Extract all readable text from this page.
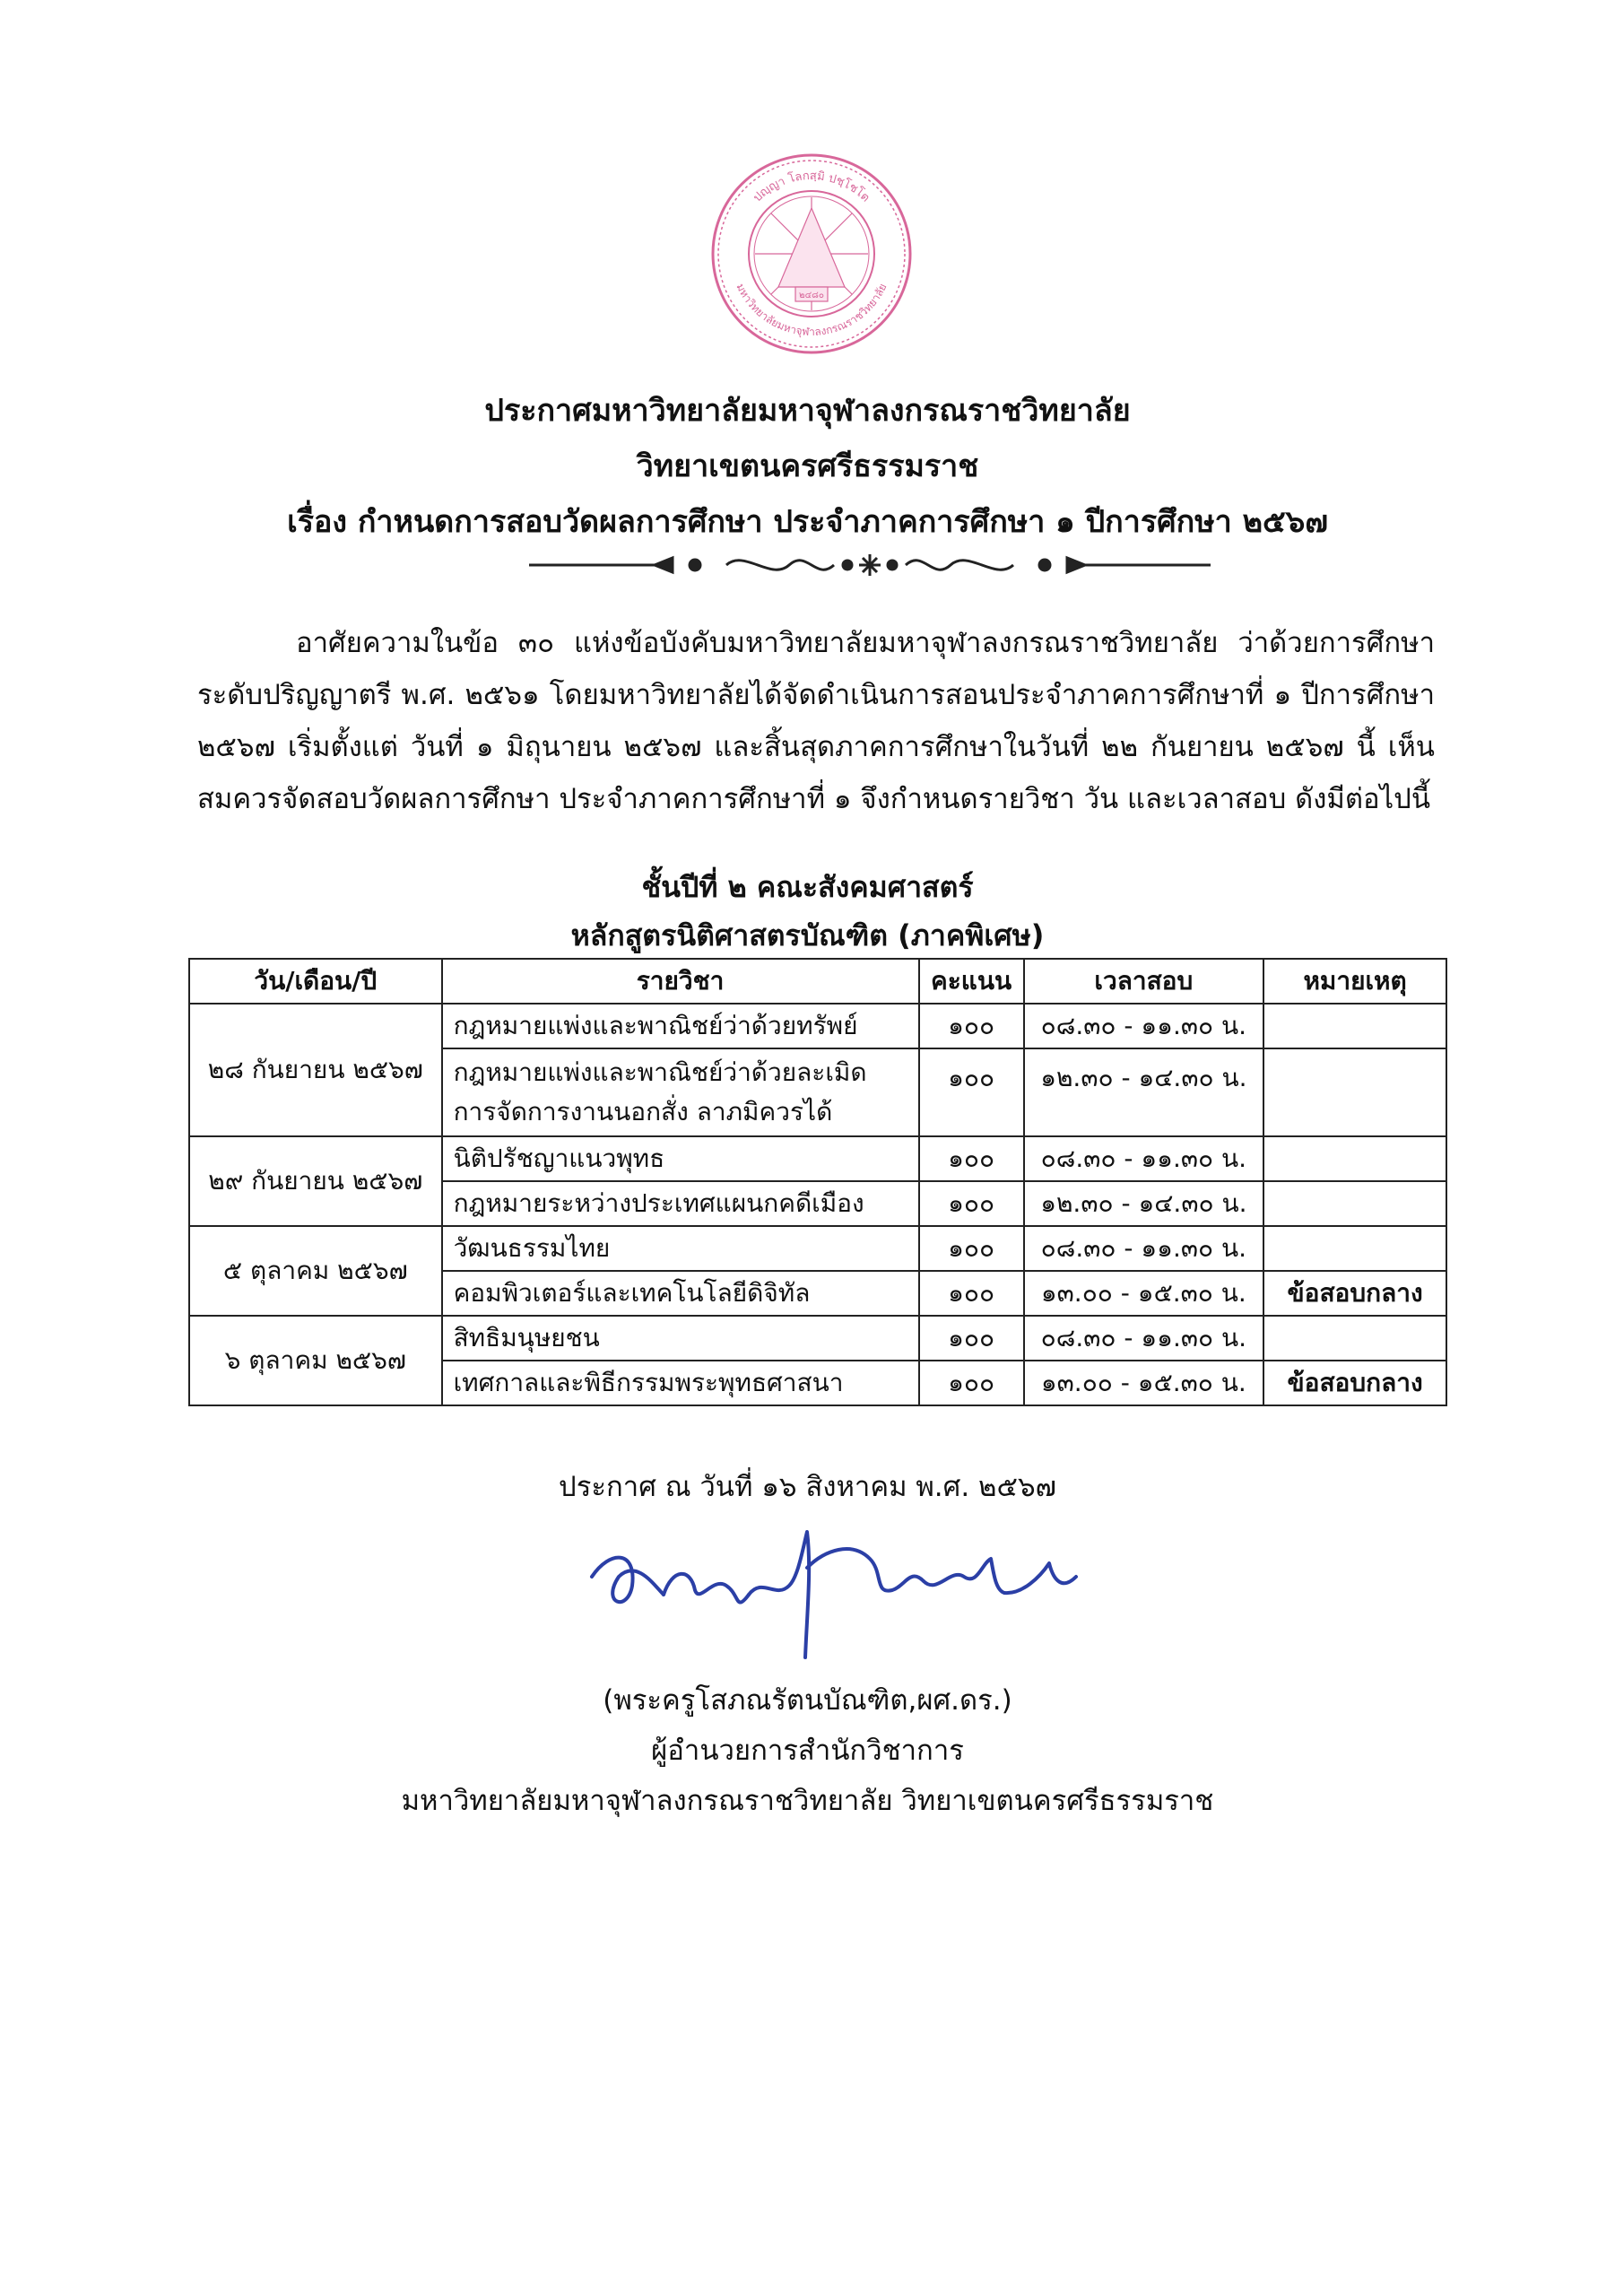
ปญฺญา โลกสฺมิ ปชฺโชโต
มหาวิทยาลัยมหาจุฬาลงกรณราชวิทยาลัย
๒๔๘๐
ประกาศมหาวิทยาลัยมหาจุฬาลงกรณราชวิทยาลัย
วิทยาเขตนครศรีธรรมราช
เรื่อง กำหนดการสอบวัดผลการศึกษา ประจำภาคการศึกษา ๑ ปีการศึกษา ๒๕๖๗
อาศัยความในข้อ ๓๐ แห่งข้อบังคับมหาวิทยาลัยมหาจุฬาลงกรณราชวิทยาลัย ว่าด้วยการศึกษาระดับปริญญาตรี พ.ศ. ๒๕๖๑ โดยมหาวิทยาลัยได้จัดดำเนินการสอนประจำภาคการศึกษาที่ ๑ ปีการศึกษา ๒๕๖๗ เริ่มตั้งแต่ วันที่ ๑ มิถุนายน ๒๕๖๗ และสิ้นสุดภาคการศึกษาในวันที่ ๒๒ กันยายน ๒๕๖๗ นี้ เห็นสมควรจัดสอบวัดผลการศึกษา ประจำภาคการศึกษาที่ ๑ จึงกำหนดรายวิชา วัน และเวลาสอบ ดังมีต่อไปนี้
ชั้นปีที่ ๒ คณะสังคมศาสตร์
หลักสูตรนิติศาสตรบัณฑิต (ภาคพิเศษ)
วัน/เดือน/ปี	รายวิชา	คะแนน	เวลาสอบ	หมายเหตุ
๒๘ กันยายน ๒๕๖๗	กฎหมายแพ่งและพาณิชย์ว่าด้วยทรัพย์	๑๐๐	๐๘.๓๐ - ๑๑.๓๐ น.	

	กฎหมายแพ่งและพาณิชย์ว่าด้วยละเมิด
การจัดการงานนอกสั่ง ลาภมิควรได้	๑๐๐	๑๒.๓๐ - ๑๔.๓๐ น.	
๒๙ กันยายน ๒๕๖๗	นิติปรัชญาแนวพุทธ	๑๐๐	๐๘.๓๐ - ๑๑.๓๐ น.	
	กฎหมายระหว่างประเทศแผนกคดีเมือง	๑๐๐	๑๒.๓๐ - ๑๔.๓๐ น.	
๕ ตุลาคม ๒๕๖๗	วัฒนธรรมไทย	๑๐๐	๐๘.๓๐ - ๑๑.๓๐ น.	
	คอมพิวเตอร์และเทคโนโลยีดิจิทัล	๑๐๐	๑๓.๐๐ - ๑๕.๓๐ น.	ข้อสอบกลาง
๖ ตุลาคม ๒๕๖๗	สิทธิมนุษยชน	๑๐๐	๐๘.๓๐ - ๑๑.๓๐ น.	
	เทศกาลและพิธีกรรมพระพุทธศาสนา	๑๐๐	๑๓.๐๐ - ๑๕.๓๐ น.	ข้อสอบกลาง
ประกาศ ณ วันที่ ๑๖ สิงหาคม พ.ศ. ๒๕๖๗
(พระครูโสภณรัตนบัณฑิต,ผศ.ดร.)
ผู้อำนวยการสำนักวิชาการ
มหาวิทยาลัยมหาจุฬาลงกรณราชวิทยาลัย วิทยาเขตนครศรีธรรมราช
